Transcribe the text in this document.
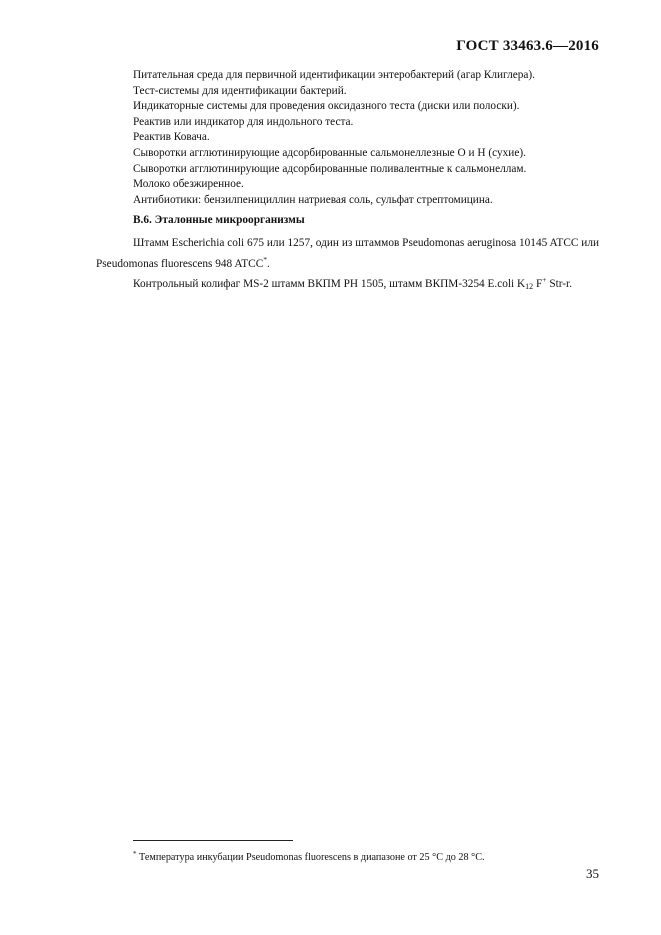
ГОСТ 33463.6—2016

Питательная среда для первичной идентификации энтеробактерий (агар Клиглера).

Тест-системы для идентификации бактерий.

Индикаторные системы для проведения оксидазного теста (диски или полоски).

Реактив или индикатор для индольного теста.

Реактив Ковача.

Сыворотки агглютинирующие адсорбированные сальмонеллезные O и H (сухие).

Сыворотки агглютинирующие адсорбированные поливалентные к сальмонеллам.

Молоко обезжиренное.

Антибиотики: бензилпенициллин натриевая соль, сульфат стрептомицина.

В.6. Эталонные микроорганизмы

Штамм Escherichia coli 675 или 1257, один из штаммов Pseudomonas aeruginosa 10145 ATCC или Pseudomonas fluorescens 948 ATCC*.

Контрольный колифаг MS-2 штамм ВКПМ РН 1505, штамм ВКПМ-3254 E.coli $K_{12}$ F+ Str-r.

* Температура инкубации Pseudomonas fluorescens в диапазоне от 25 °С до 28 °С.
35
